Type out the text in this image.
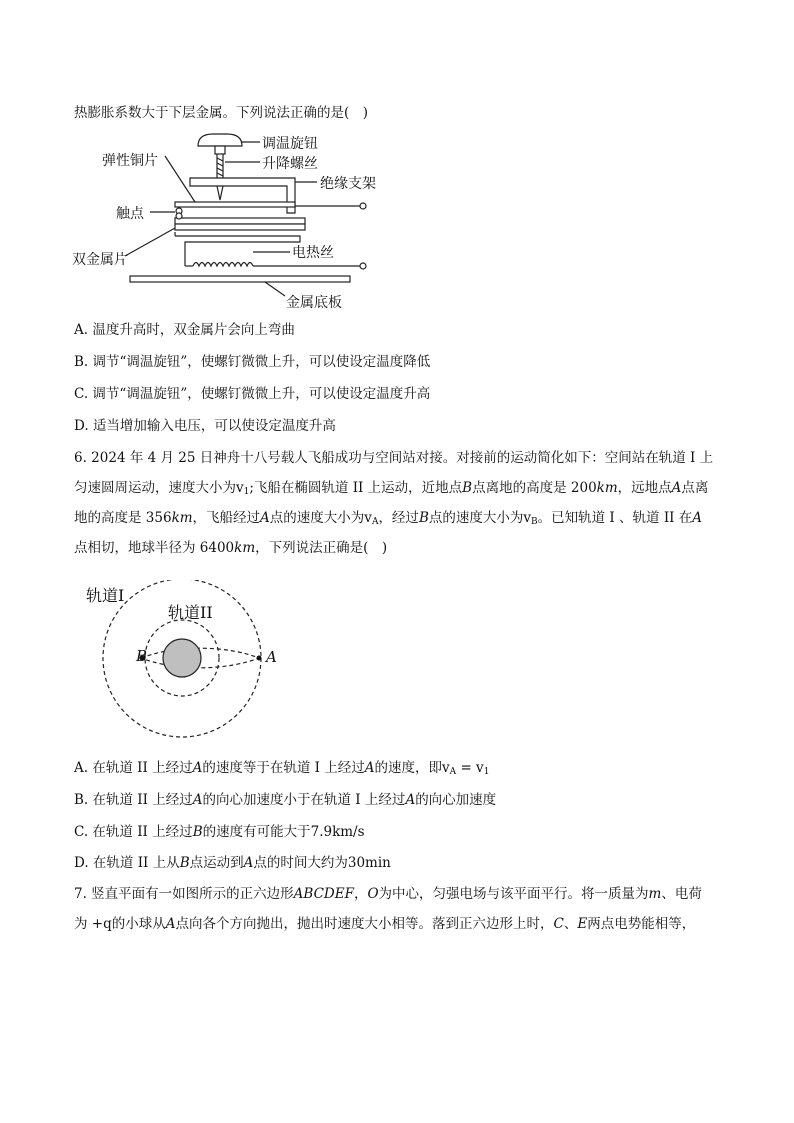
热膨胀系数大于下层金属。下列说法正确的是(　)
调温旋钮
升降螺丝
弹性铜片
绝缘支架
触点
双金属片	电热丝
金属底板
A. 温度升高时，双金属片会向上弯曲
B. 调节“调温旋钮”，使螺钉微微上升，可以使设定温度降低
C. 调节“调温旋钮”，使螺钉微微上升，可以使设定温度升高
D. 适当增加输入电压，可以使设定温度升高
6. 2024 年 4 月 25 日神舟十八号载人飞船成功与空间站对接。对接前的运动简化如下：空间站在轨道 I 上
匀速圆周运动，速度大小为$v_1$;飞船在椭圆轨道 II 上运动，近地点B点离地的高度是 200km，远地点A点离
地的高度是 356km，飞船经过A点的速度大小为$v_A$，经过B点的速度大小为$v_B$。已知轨道 I 、轨道 II 在A
点相切，地球半径为 6400km，下列说法正确是(　)
轨道I
轨道II
B	A
A. 在轨道 II 上经过A的速度等于在轨道 I 上经过A的速度，即$v_A = v_1$
B. 在轨道 II 上经过A的向心加速度小于在轨道 I 上经过A的向心加速度
C. 在轨道 II 上经过B的速度有可能大于7.9km/s
D. 在轨道 II 上从B点运动到A点的时间大约为30min
7. 竖直平面有一如图所示的正六边形ABCDEF，O为中心，匀强电场与该平面平行。将一质量为m、电荷
为 +q的小球从A点向各个方向抛出，抛出时速度大小相等。落到正六边形上时，C、E两点电势能相等，
